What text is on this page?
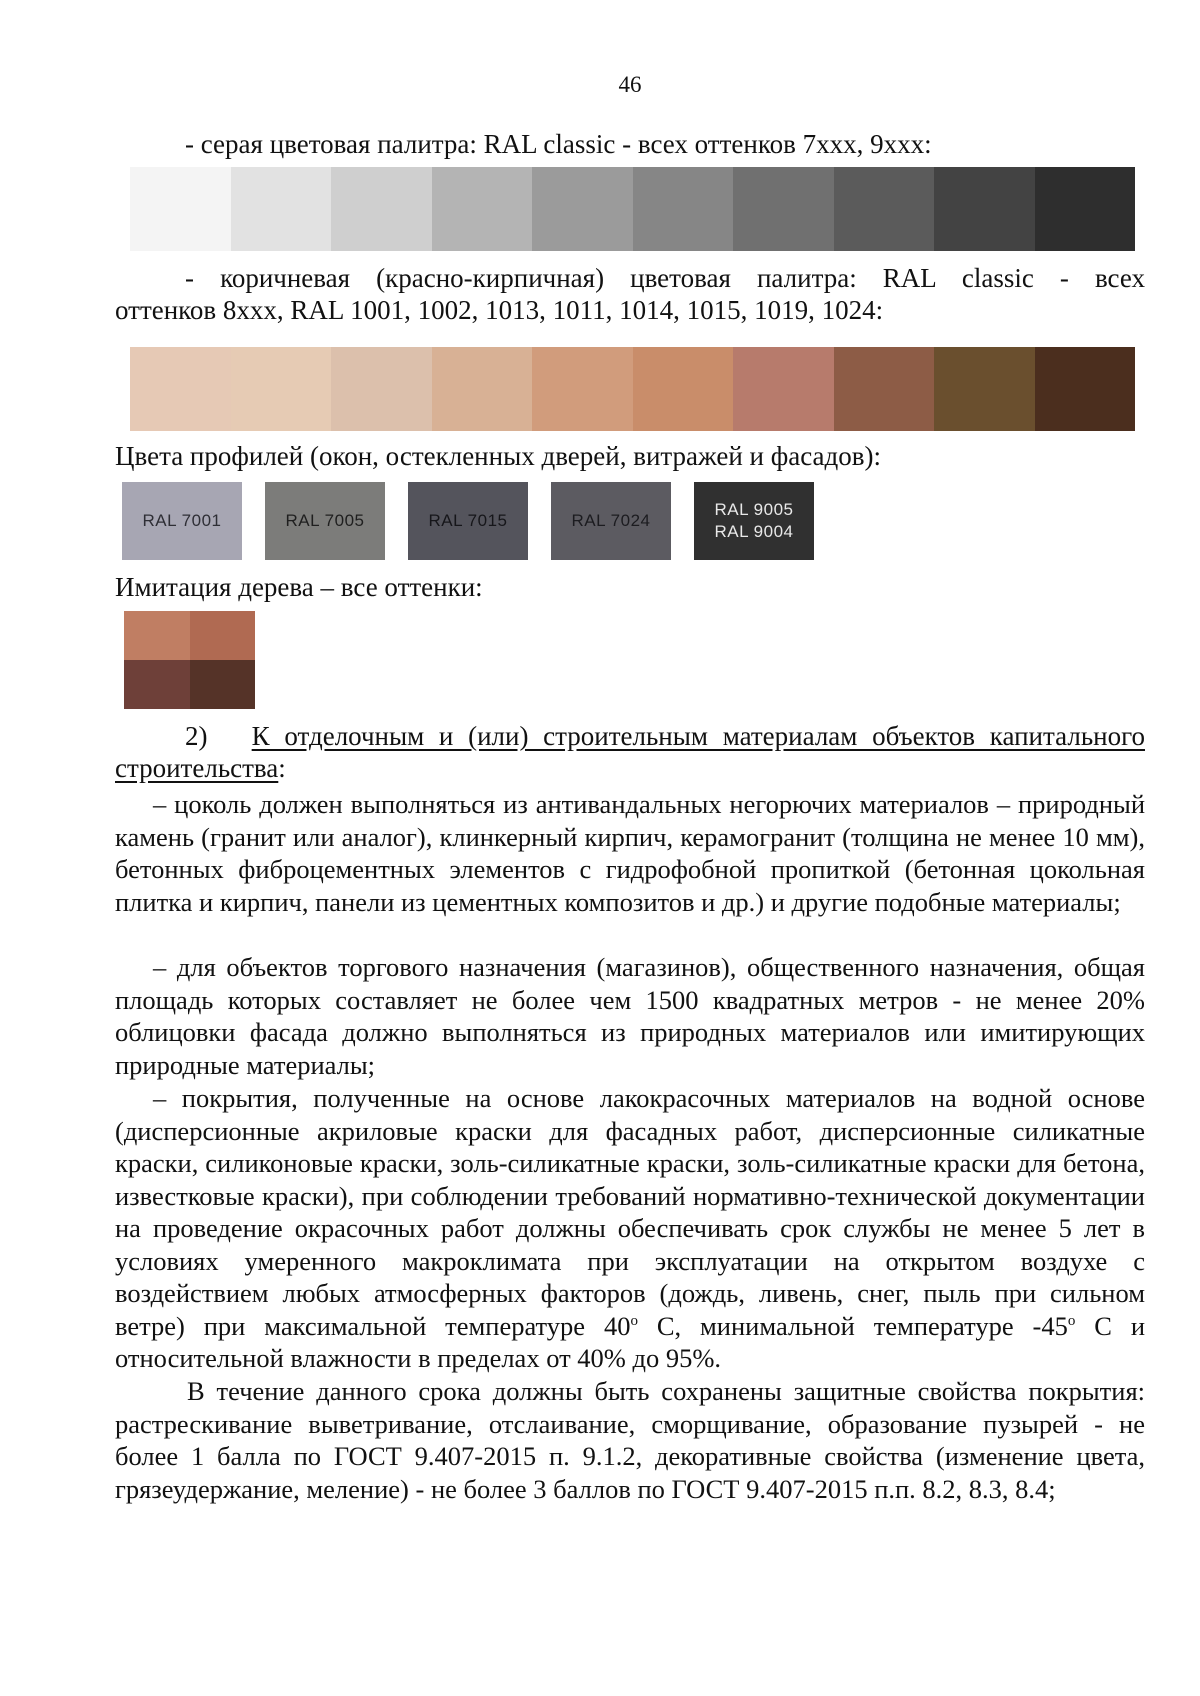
46
- серая цветовая палитра: RAL classic - всех оттенков 7ххх, 9ххх:
- коричневая (красно-кирпичная) цветовая палитра: RAL classic - всех
оттенков 8ххх, RAL 1001, 1002, 1013, 1011, 1014, 1015, 1019, 1024:
Цвета профилей (окон, остекленных дверей, витражей и фасадов):
RAL 7001	RAL 7005	RAL 7015	RAL 7024
RAL 9005
RAL 9004
Имитация дерева – все оттенки:
2) К отделочным и (или) строительным материалам объектов капитального
строительства:
– цоколь должен выполняться из антивандальных негорючих материалов – природный камень (гранит или аналог), клинкерный кирпич, керамогранит (толщина не менее 10 мм), бетонных фиброцементных элементов с гидрофобной пропиткой (бетонная цокольная плитка и кирпич, панели из цементных композитов и др.) и другие подобные материалы;
– для объектов торгового назначения (магазинов), общественного назначения, общая площадь которых составляет не более чем 1500 квадратных метров - не менее 20% облицовки фасада должно выполняться из природных материалов или имитирующих природные материалы;
– покрытия, полученные на основе лакокрасочных материалов на водной основе (дисперсионные акриловые краски для фасадных работ, дисперсионные силикатные краски, силиконовые краски, золь-силикатные краски, золь-силикатные краски для бетона, известковые краски), при соблюдении требований нормативно-технической документации на проведение окрасочных работ должны обеспечивать срок службы не менее 5 лет в условиях умеренного макроклимата при эксплуатации на открытом воздухе с воздействием любых атмосферных факторов (дождь, ливень, снег, пыль при сильном ветре) при максимальной температуре 40$^o$ С, минимальной температуре -45$^o$ С и относительной влажности в пределах от 40% до 95%.
В течение данного срока должны быть сохранены защитные свойства покрытия: растрескивание выветривание, отслаивание, сморщивание, образование пузырей - не более 1 балла по ГОСТ 9.407-2015 п. 9.1.2, декоративные свойства (изменение цвета, грязеудержание, меление) - не более 3 баллов по ГОСТ 9.407-2015 п.п. 8.2, 8.3, 8.4;
